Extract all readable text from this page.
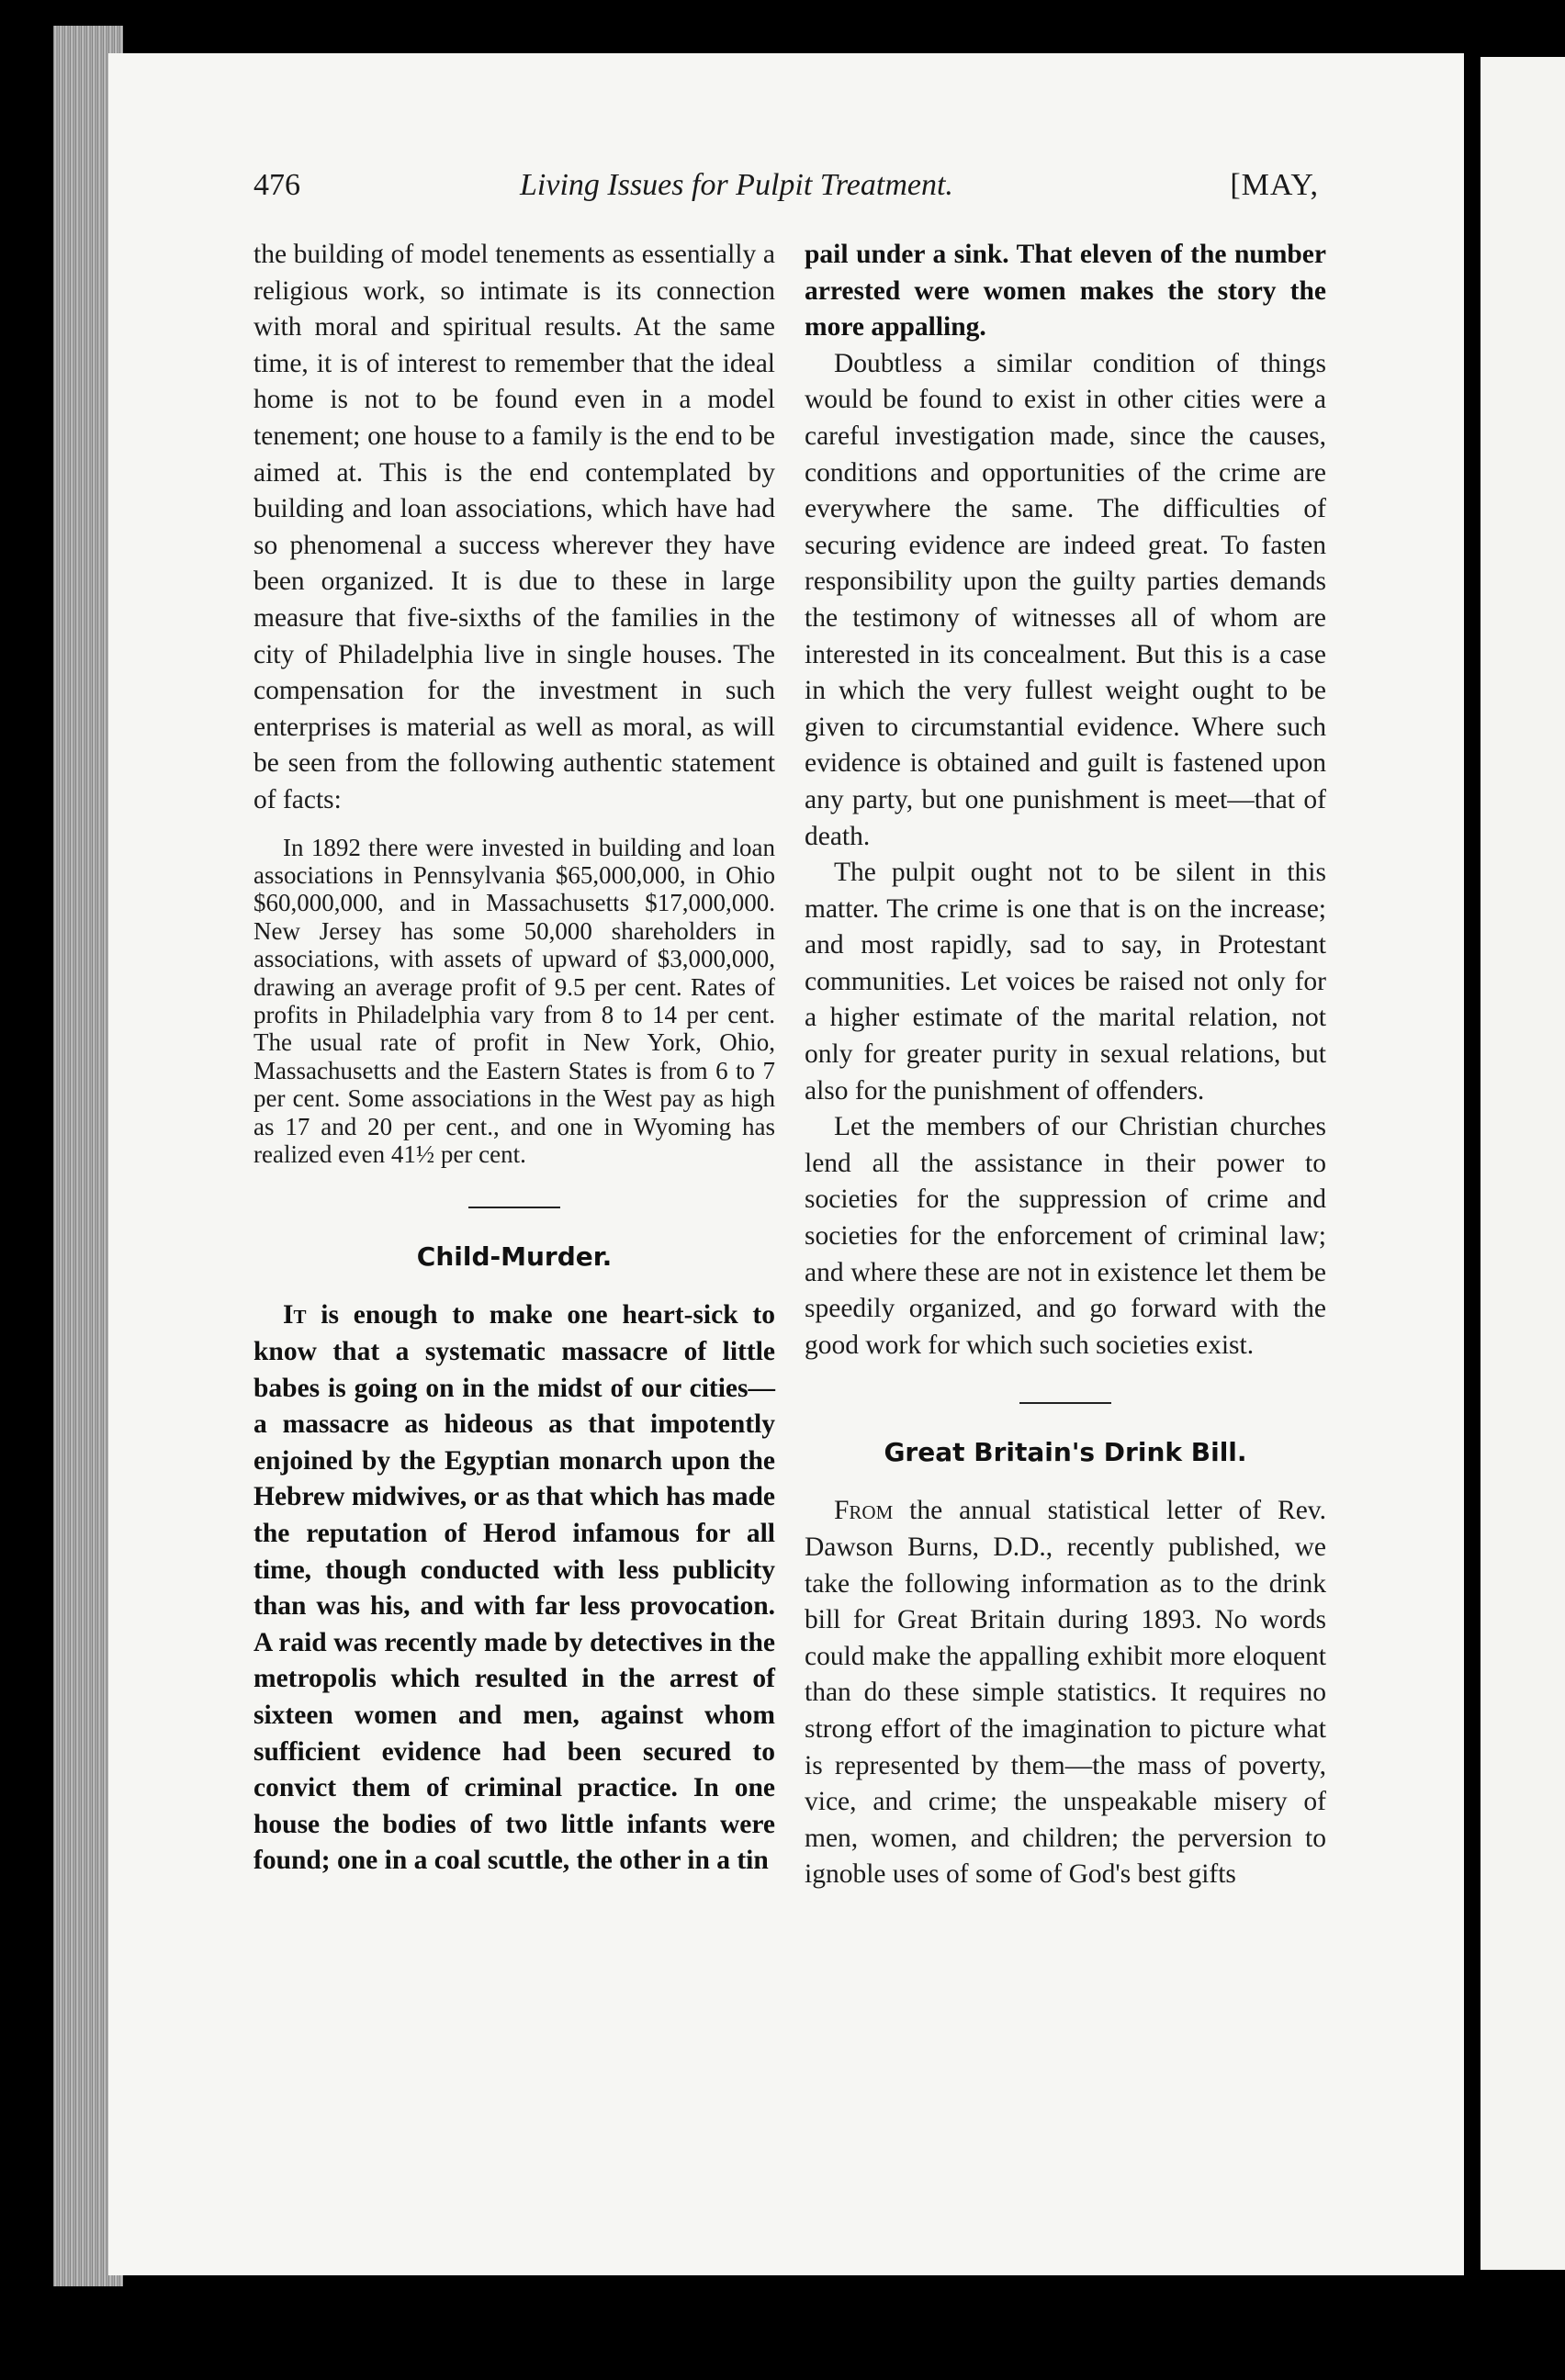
476	Living Issues for Pulpit Treatment.	[MAY,

the building of model tenements as essentially a religious work, so intimate is its connection with moral and spiritual results. At the same time, it is of interest to remember that the ideal home is not to be found even in a model tenement; one house to a family is the end to be aimed at. This is the end contemplated by building and loan associations, which have had so phenomenal a success wherever they have been organized. It is due to these in large measure that five-sixths of the families in the city of Philadelphia live in single houses. The compensation for the investment in such enterprises is material as well as moral, as will be seen from the following authentic statement of facts:

In 1892 there were invested in building and loan associations in Pennsylvania $65,000,000, in Ohio $60,000,000, and in Massachusetts $17,000,000. New Jersey has some 50,000 shareholders in associations, with assets of upward of $3,000,000, drawing an average profit of 9.5 per cent. Rates of profits in Philadelphia vary from 8 to 14 per cent. The usual rate of profit in New York, Ohio, Massachusetts and the Eastern States is from 6 to 7 per cent. Some associations in the West pay as high as 17 and 20 per cent., and one in Wyoming has realized even 41½ per cent.

Child-Murder.

It is enough to make one heart-sick to know that a systematic massacre of little babes is going on in the midst of our cities—a massacre as hideous as that impotently enjoined by the Egyptian monarch upon the Hebrew midwives, or as that which has made the reputation of Herod infamous for all time, though conducted with less publicity than was his, and with far less provocation. A raid was recently made by detectives in the metropolis which resulted in the arrest of sixteen women and men, against whom sufficient evidence had been secured to convict them of criminal practice. In one house the bodies of two little infants were found; one in a coal scuttle, the other in a tin

pail under a sink. That eleven of the number arrested were women makes the story the more appalling.

Doubtless a similar condition of things would be found to exist in other cities were a careful investigation made, since the causes, conditions and opportunities of the crime are everywhere the same. The difficulties of securing evidence are indeed great. To fasten responsibility upon the guilty parties demands the testimony of witnesses all of whom are interested in its concealment. But this is a case in which the very fullest weight ought to be given to circumstantial evidence. Where such evidence is obtained and guilt is fastened upon any party, but one punishment is meet—that of death.

The pulpit ought not to be silent in this matter. The crime is one that is on the increase; and most rapidly, sad to say, in Protestant communities. Let voices be raised not only for a higher estimate of the marital relation, not only for greater purity in sexual relations, but also for the punishment of offenders.

Let the members of our Christian churches lend all the assistance in their power to societies for the suppression of crime and societies for the enforcement of criminal law; and where these are not in existence let them be speedily organized, and go forward with the good work for which such societies exist.

Great Britain's Drink Bill.

From the annual statistical letter of Rev. Dawson Burns, D.D., recently published, we take the following information as to the drink bill for Great Britain during 1893. No words could make the appalling exhibit more eloquent than do these simple statistics. It requires no strong effort of the imagination to picture what is represented by them—the mass of poverty, vice, and crime; the unspeakable misery of men, women, and children; the perversion to ignoble uses of some of God's best gifts
